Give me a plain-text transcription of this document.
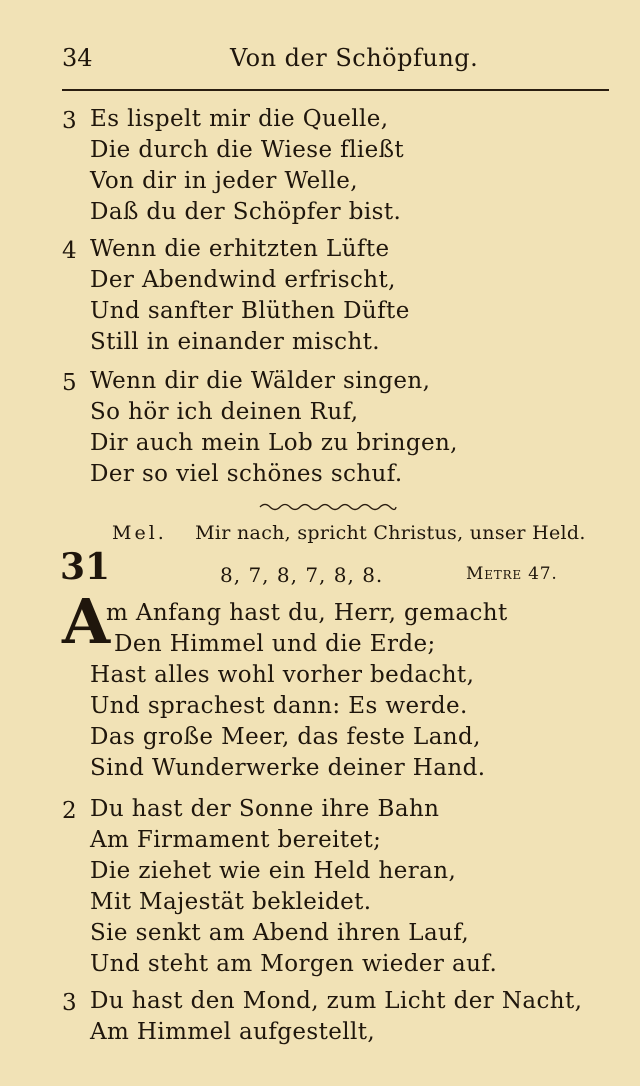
34	Von der Schöpfung.
3 Es lispelt mir die Quelle,
Die durch die Wiese fließt
Von dir in jeder Welle,
Daß du der Schöpfer bist.
4 Wenn die erhitzten Lüfte
Der Abendwind erfrischt,
Und sanfter Blüthen Düfte
Still in einander mischt.
5 Wenn dir die Wälder singen,
So hör ich deinen Ruf,
Dir auch mein Lob zu bringen,
Der so viel schönes schuf.
Mel. Mir nach, spricht Christus, unser Held.
31	8, 7, 8, 7, 8, 8.	Metre 47.
A
m Anfang hast du, Herr, gemacht
Den Himmel und die Erde;
Hast alles wohl vorher bedacht,
Und sprachest dann: Es werde.
Das große Meer, das feste Land,
Sind Wunderwerke deiner Hand.
2 Du hast der Sonne ihre Bahn
Am Firmament bereitet;
Die ziehet wie ein Held heran,
Mit Majestät bekleidet.
Sie senkt am Abend ihren Lauf,
Und steht am Morgen wieder auf.
3 Du hast den Mond, zum Licht der Nacht,
Am Himmel aufgestellt,
